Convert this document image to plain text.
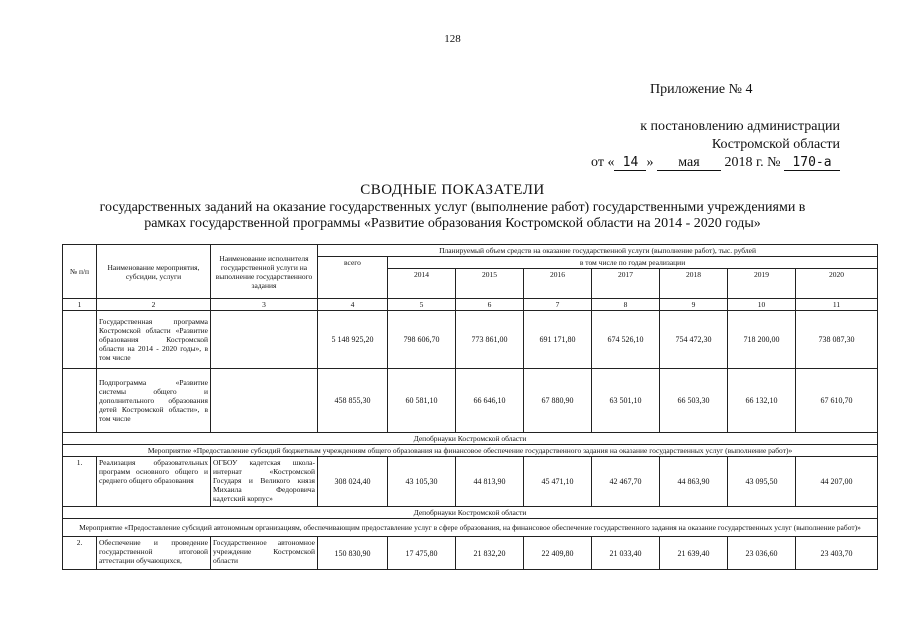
128
Приложение № 4
к постановлению администрации
Костромской области
от « 14 » мая 2018 г. № 170-а
СВОДНЫЕ ПОКАЗАТЕЛИ
государственных заданий на оказание государственных услуг (выполнение работ) государственными учреждениями в
рамках государственной программы «Развитие образования Костромской области на 2014 - 2020 годы»
№ п/п	Наименование мероприятия, субсидии, услуги	Наименование исполнителя государственной услуги на выполнение государственного задания	Планируемый объем средств на оказание государственной услуги (выполнение работ), тыс. рублей							
			всего	в том числе по годам реализации						
				2014	2015	2016	2017	2018	2019	2020
1	2	3	4	5	6	7	8	9	10	11
	Государственная программа Костромской области «Развитие образования Костромской области на 2014 - 2020 годы», в том числе		5 148 925,20	798 606,70	773 861,00	691 171,80	674 526,10	754 472,30	718 200,00	738 087,30
	Подпрограмма «Развитие системы общего и дополнительного образования детей Костромской области», в том числе		458 855,30	60 581,10	66 646,10	67 880,90	63 501,10	66 503,30	66 132,10	67 610,70
Депобрнауки Костромской области										
Мероприятие «Предоставление субсидий бюджетным учреждениям общего образования на финансовое обеспечение государственного задания на оказание государственных услуг (выполнение работ)»										
1.	Реализация образовательных программ основного общего и среднего общего образования	ОГБОУ кадетская школа-интернат «Костромской Государя и Великого князя Михаила Федоровича кадетский корпус»	308 024,40	43 105,30	44 813,90	45 471,10	42 467,70	44 863,90	43 095,50	44 207,00
Депобрнауки Костромской области										
Мероприятие «Предоставление субсидий автономным организациям, обеспечивающим предоставление услуг в сфере образования, на финансовое обеспечение государственного задания на оказание государственных услуг (выполнение работ)»										
2.	Обеспечение и проведение государственной итоговой аттестации обучающихся,	Государственное автономное учреждение Костромской области	150 830,90	17 475,80	21 832,20	22 409,80	21 033,40	21 639,40	23 036,60	23 403,70
